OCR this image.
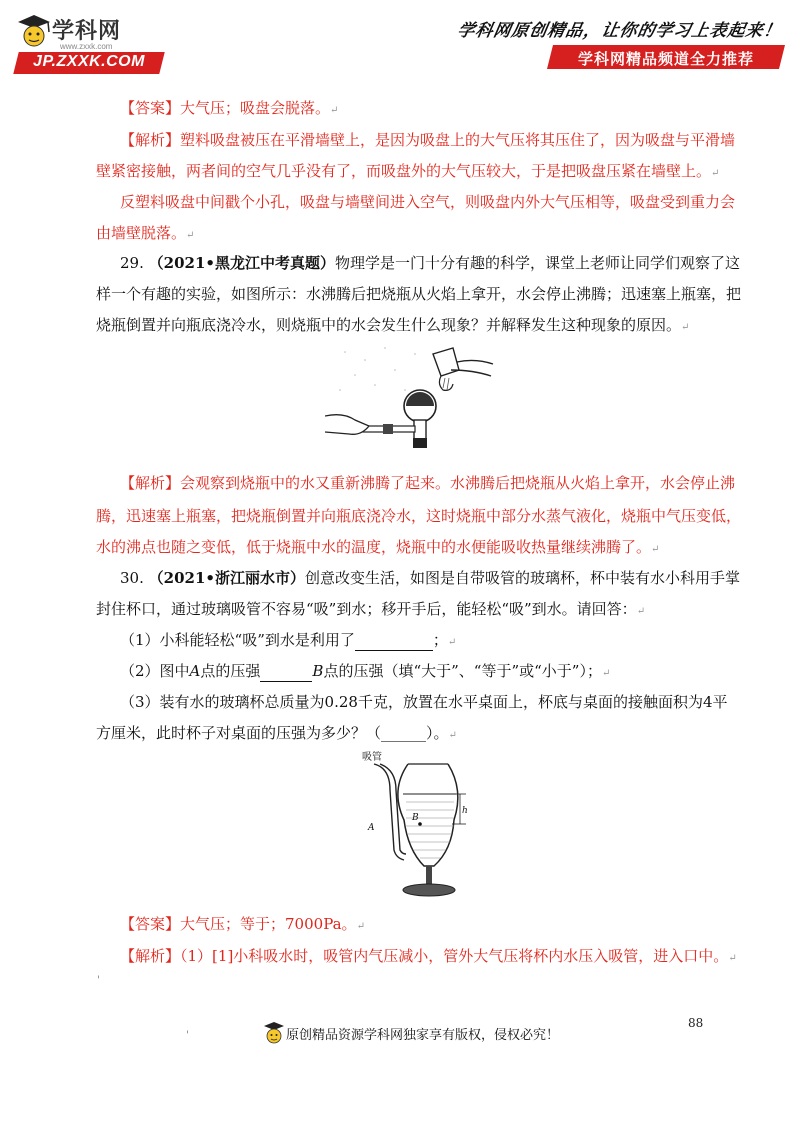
学科网
www.zxxk.com
JP.ZXXK.COM
学科网原创精品，让你的学习上表起来！
学科网精品频道全力推荐
【答案】大气压；吸盘会脱落。↵
【解析】塑料吸盘被压在平滑墙壁上，是因为吸盘上的大气压将其压住了，因为吸盘与平滑墙
壁紧密接触，两者间的空气几乎没有了，而吸盘外的大气压较大，于是把吸盘压紧在墙壁上。↵
反塑料吸盘中间戳个小孔，吸盘与墙壁间进入空气，则吸盘内外大气压相等，吸盘受到重力会
由墙壁脱落。↵
29. （2021•黑龙江中考真题）物理学是一门十分有趣的科学，课堂上老师让同学们观察了这
样一个有趣的实验，如图所示：水沸腾后把烧瓶从火焰上拿开，水会停止沸腾；迅速塞上瓶塞，把
烧瓶倒置并向瓶底浇冷水，则烧瓶中的水会发生什么现象？并解释发生这种现象的原因。↵
【解析】会观察到烧瓶中的水又重新沸腾了起来。水沸腾后把烧瓶从火焰上拿开，水会停止沸
腾，迅速塞上瓶塞，把烧瓶倒置并向瓶底浇冷水，这时烧瓶中部分水蒸气液化，烧瓶中气压变低，
水的沸点也随之变低，低于烧瓶中水的温度，烧瓶中的水便能吸收热量继续沸腾了。↵
30. （2021•浙江丽水市）创意改变生活，如图是自带吸管的玻璃杯，杯中装有水小科用手掌
封住杯口，通过玻璃吸管不容易“吸”到水；移开手后，能轻松“吸”到水。请回答：↵
（1）小科能轻松“吸”到水是利用了	；↵
（2）图中A点的压强	B点的压强（填“大于”、“等于”或“小于”）；↵
（3）装有水的玻璃杯总质量为0.28千克，放置在水平桌面上，杯底与桌面的接触面积为4平
方厘米，此时杯子对桌面的压强为多少？（______）。↵
吸管
B
A
h
【答案】大气压；等于；7000Pa。↵
【解析】（1）[1]小科吸水时，吸管内气压减小，管外大气压将杯内水压入吸管，进入口中。↵
'
88
原创精品资源学科网独家享有版权，侵权必究！
'
